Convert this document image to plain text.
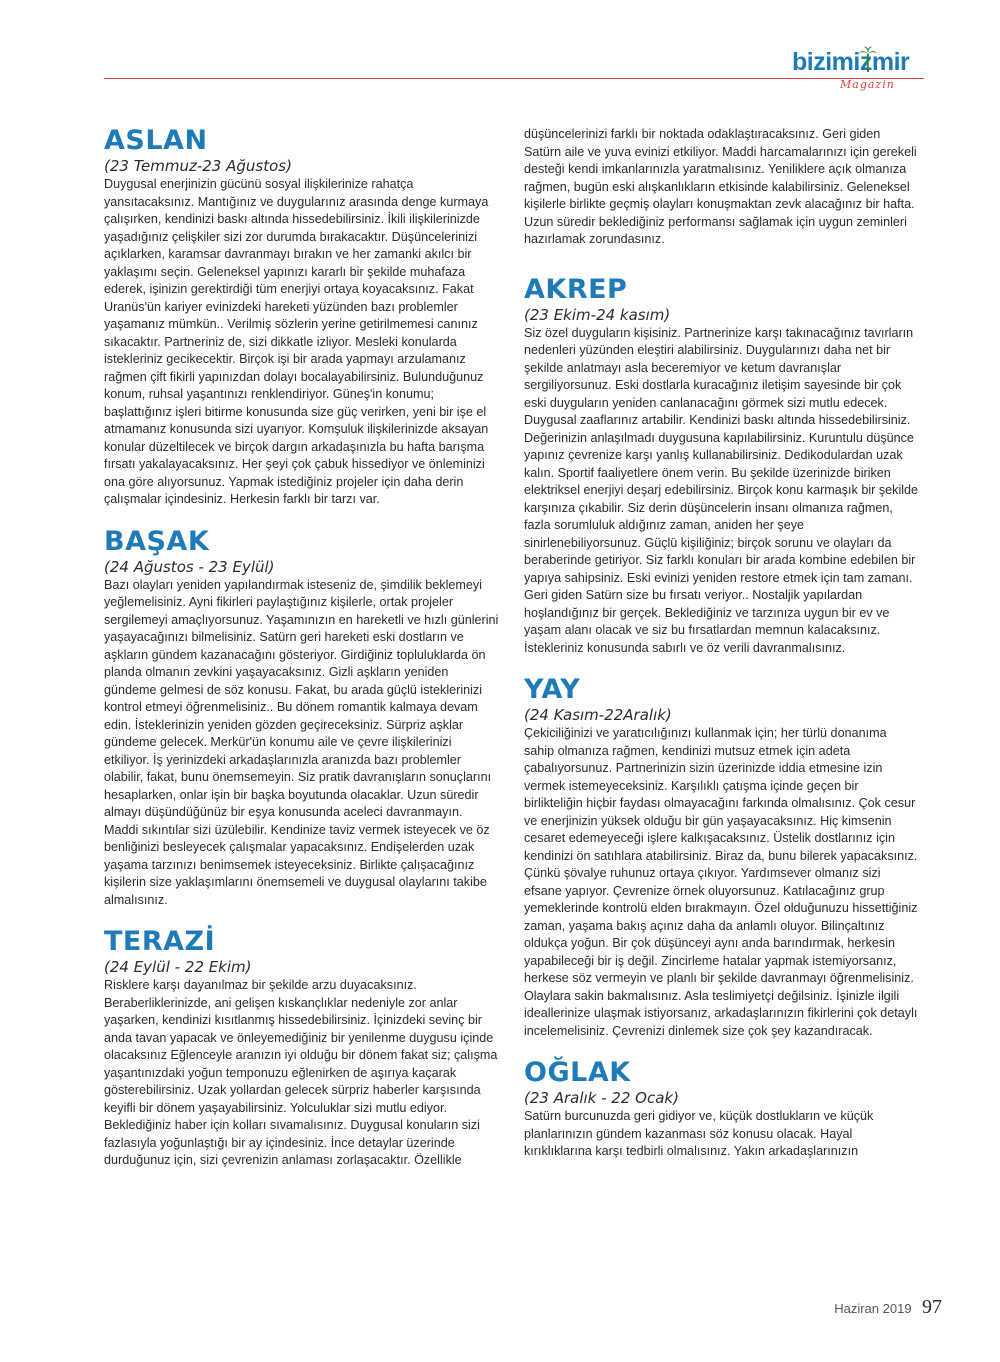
bizimizmir
Magazin
ASLAN
(23 Temmuz-23 Ağustos)

Duygusal enerjinizin gücünü sosyal ilişkilerinize rahatça yansıtacaksınız. Mantığınız ve duygularınız arasında denge kurmaya çalışırken, kendinizi baskı altında hissedebilirsiniz. İkili ilişkilerinizde yaşadığınız çelişkiler sizi zor durumda bırakacaktır. Düşüncelerinizi açıklarken, karamsar davranmayı bırakın ve her zamanki akılcı bir yaklaşımı seçin. Geleneksel yapınızı kararlı bir şekilde muhafaza ederek, işinizin gerektirdiği tüm enerjiyi ortaya koyacaksınız. Fakat Uranüs'ün kariyer evinizdeki hareketi yüzünden bazı problemler yaşamanız mümkün.. Verilmiş sözlerin yerine getirilmemesi canınız sıkacaktır. Partneriniz de, sizi dikkatle izliyor. Mesleki konularda istekleriniz gecikecektir. Birçok işi bir arada yapmayı arzulamanız rağmen çift fikirli yapınızdan dolayı bocalayabilirsiniz. Bulunduğunuz konum, ruhsal yaşantınızı renklendiriyor. Güneş'in konumu; başlattığınız işleri bitirme konusunda size güç verirken, yeni bir işe el atmamanız konusunda sizi uyarıyor. Komşuluk ilişkilerinizde aksayan konular düzeltilecek ve birçok dargın arkadaşınızla bu hafta barışma fırsatı yakalayacaksınız. Her şeyi çok çabuk hissediyor ve önleminizi ona göre alıyorsunuz. Yapmak istediğiniz projeler için daha derin çalışmalar içindesiniz. Herkesin farklı bir tarzı var.

BAŞAK
(24 Ağustos - 23 Eylül)

Bazı olayları yeniden yapılandırmak isteseniz de, şimdilik beklemeyi yeğlemelisiniz. Ayni fikirleri paylaştığınız kişilerle, ortak projeler sergilemeyi amaçlıyorsunuz. Yaşamınızın en hareketli ve hızlı günlerini yaşayacağınızı bilmelisiniz. Satürn geri hareketi eski dostların ve aşkların gündem kazanacağını gösteriyor. Girdiğiniz topluluklarda ön planda olmanın zevkini yaşayacaksınız. Gizli aşkların yeniden gündeme gelmesi de söz konusu. Fakat, bu arada güçlü isteklerinizi kontrol etmeyi öğrenmelisiniz.. Bu dönem romantik kalmaya devam edin. İsteklerinizin yeniden gözden geçireceksiniz. Sürpriz aşklar gündeme gelecek. Merkür'ün konumu aile ve çevre ilişkilerinizi etkiliyor. İş yerinizdeki arkadaşlarınızla aranızda bazı problemler olabilir, fakat, bunu önemsemeyin. Siz pratik davranışların sonuçlarını hesaplarken, onlar işin bir başka boyutunda olacaklar. Uzun süredir almayı düşündüğünüz bir eşya konusunda aceleci davranmayın. Maddi sıkıntılar sizi üzülebilir. Kendinize taviz vermek isteyecek ve öz benliğinizi besleyecek çalışmalar yapacaksınız. Endişelerden uzak yaşama tarzınızı benimsemek isteyeceksiniz. Birlikte çalışacağınız kişilerin size yaklaşımlarını önemsemeli ve duygusal olaylarını takibe almalısınız.

TERAZİ
(24 Eylül - 22 Ekim)

Risklere karşı dayanılmaz bir şekilde arzu duyacaksınız. Beraberliklerinizde, ani gelişen kıskançlıklar nedeniyle zor anlar yaşarken, kendinizi kısıtlanmış hissedebilirsiniz. İçinizdeki sevinç bir anda tavan yapacak ve önleyemediğiniz bir yenilenme duygusu içinde olacaksınız Eğlenceyle aranızın iyi olduğu bir dönem fakat siz; çalışma yaşantınızdaki yoğun temponuzu eğlenirken de aşırıya kaçarak gösterebilirsiniz. Uzak yollardan gelecek sürpriz haberler karşısında keyifli bir dönem yaşayabilirsiniz. Yolculuklar sizi mutlu ediyor. Beklediğiniz haber için kolları sıvamalısınız. Duygusal konuların sizi fazlasıyla yoğunlaştığı bir ay içindesiniz. İnce detaylar üzerinde durduğunuz için, sizi çevrenizin anlaması zorlaşacaktır. Özellikle

düşüncelerinizi farklı bir noktada odaklaştıracaksınız. Geri giden Satürn aile ve yuva evinizi etkiliyor. Maddi harcamalarınızı için gerekeli desteği kendi imkanlarınızla yaratmalısınız. Yeniliklere açık olmanıza rağmen, bugün eski alışkanlıkların etkisinde kalabilirsiniz. Geleneksel kişilerle birlikte geçmiş olayları konuşmaktan zevk alacağınız bir hafta. Uzun süredir beklediğiniz performansı sağlamak için uygun zeminleri hazırlamak zorundasınız.

AKREP
(23 Ekim-24 kasım)

Siz özel duyguların kişisiniz. Partnerinize karşı takınacağınız tavırların nedenleri yüzünden eleştiri alabilirsiniz. Duygularınızı daha net bir şekilde anlatmayı asla beceremiyor ve ketum davranışlar sergiliyorsunuz. Eski dostlarla kuracağınız iletişim sayesinde bir çok eski duyguların yeniden canlanacağını görmek sizi mutlu edecek. Duygusal zaaflarınız artabilir. Kendinizi baskı altında hissedebilirsiniz. Değerinizin anlaşılmadı duygusuna kapılabilirsiniz. Kuruntulu düşünce yapınız çevrenize karşı yanlış kullanabilirsiniz. Dedikodulardan uzak kalın. Sportif faaliyetlere önem verin. Bu şekilde üzerinizde biriken elektriksel enerjiyi deşarj edebilirsiniz. Birçok konu karmaşık bir şekilde karşınıza çıkabilir. Siz derin düşüncelerin insanı olmanıza rağmen, fazla sorumluluk aldığınız zaman, aniden her şeye sinirlenebiliyorsunuz. Güçlü kişiliğiniz; birçok sorunu ve olayları da beraberinde getiriyor. Siz farklı konuları bir arada kombine edebilen bir yapıya sahipsiniz. Eski evinizi yeniden restore etmek için tam zamanı. Geri giden Satürn size bu fırsatı veriyor.. Nostaljik yapılardan hoşlandığınız bir gerçek. Beklediğiniz ve tarzınıza uygun bir ev ve yaşam alanı olacak ve siz bu fırsatlardan memnun kalacaksınız. İstekleriniz konusunda sabırlı ve öz verili davranmalısınız.

YAY
(24 Kasım-22Aralık)

Çekiciliğinizi ve yaratıcılığınızı kullanmak için; her türlü donanıma sahip olmanıza rağmen, kendinizi mutsuz etmek için adeta çabalıyorsunuz. Partnerinizin sizin üzerinizde iddia etmesine izin vermek istemeyeceksiniz. Karşılıklı çatışma içinde geçen bir birlikteliğin hiçbir faydası olmayacağını farkında olmalısınız. Çok cesur ve enerjinizin yüksek olduğu bir gün yaşayacaksınız. Hiç kimsenin cesaret edemeyeceği işlere kalkışacaksınız. Üstelik dostlarınız için kendinizi ön satıhlara atabilirsiniz. Biraz da, bunu bilerek yapacaksınız. Çünkü şövalye ruhunuz ortaya çıkıyor. Yardımsever olmanız sizi efsane yapıyor. Çevrenize örnek oluyorsunuz. Katılacağınız grup yemeklerinde kontrolü elden bırakmayın. Özel olduğunuzu hissettiğiniz zaman, yaşama bakış açınız daha da anlamlı oluyor. Bilinçaltınız oldukça yoğun. Bir çok düşünceyi aynı anda barındırmak, herkesin yapabileceği bir iş değil. Zincirleme hatalar yapmak istemiyorsanız, herkese söz vermeyin ve planlı bir şekilde davranmayı öğrenmelisiniz. Olaylara sakin bakmalısınız. Asla teslimiyetçi değilsiniz. İşinizle ilgili ideallerinize ulaşmak istiyorsanız, arkadaşlarınızın fikirlerini çok detaylı incelemelisiniz. Çevrenizi dinlemek size çok şey kazandıracak.

OĞLAK
(23 Aralık - 22 Ocak)

Satürn burcunuzda geri gidiyor ve, küçük dostlukların ve küçük planlarınızın gündem kazanması söz konusu olacak. Hayal kırıklıklarına karşı tedbirli olmalısınız. Yakın arkadaşlarınızın

Haziran 2019 97
